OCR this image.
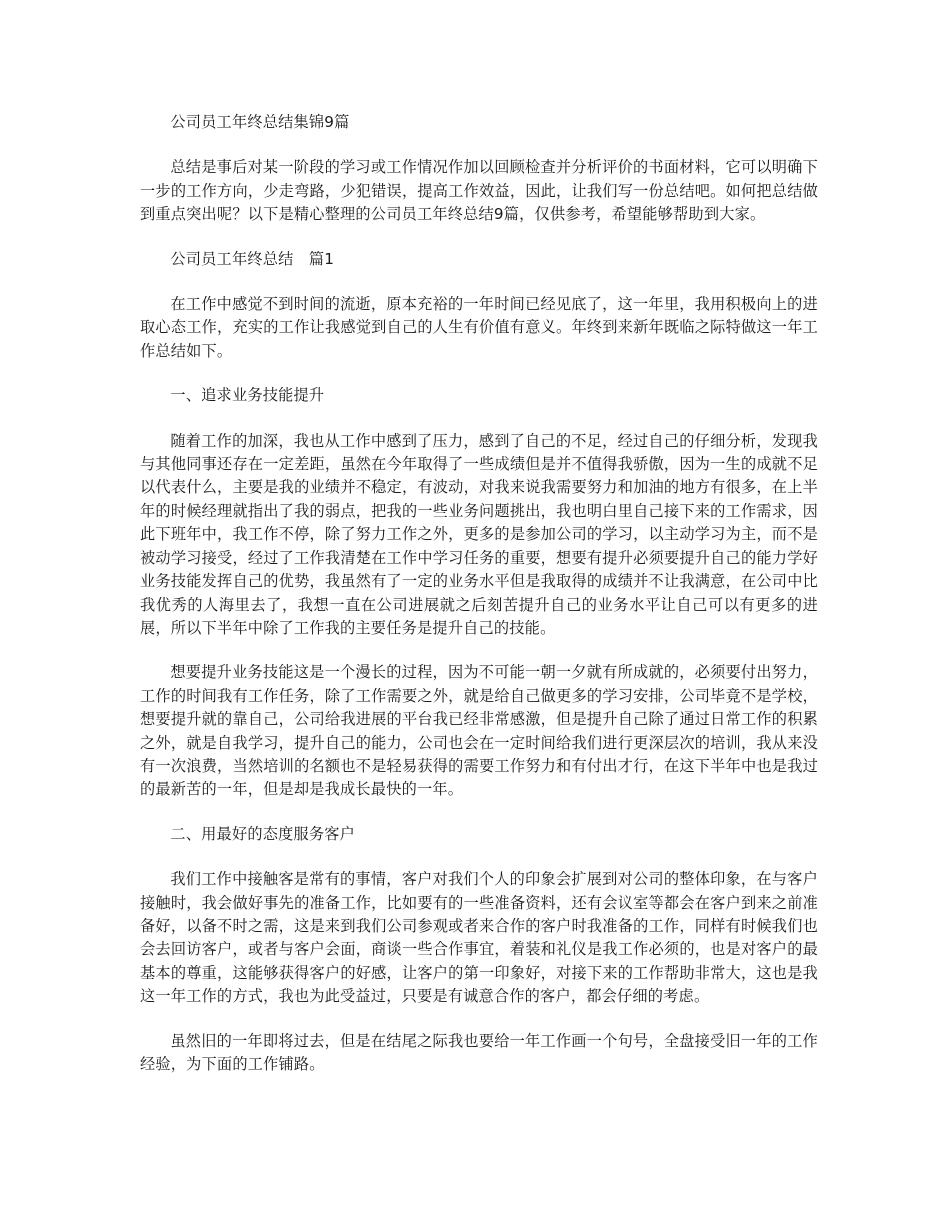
公司员工年终总结集锦9篇

总结是事后对某一阶段的学习或工作情况作加以回顾检查并分析评价的书面材料，它可以明确下一步的工作方向，少走弯路，少犯错误，提高工作效益，因此，让我们写一份总结吧。如何把总结做到重点突出呢？以下是精心整理的公司员工年终总结9篇，仅供参考，希望能够帮助到大家。

公司员工年终总结　篇1

在工作中感觉不到时间的流逝，原本充裕的一年时间已经见底了，这一年里，我用积极向上的进取心态工作，充实的工作让我感觉到自己的人生有价值有意义。年终到来新年既临之际特做这一年工作总结如下。

一、追求业务技能提升

随着工作的加深，我也从工作中感到了压力，感到了自己的不足，经过自己的仔细分析，发现我与其他同事还存在一定差距，虽然在今年取得了一些成绩但是并不值得我骄傲，因为一生的成就不足以代表什么，主要是我的业绩并不稳定，有波动，对我来说我需要努力和加油的地方有很多，在上半年的时候经理就指出了我的弱点，把我的一些业务问题挑出，我也明白里自己接下来的工作需求，因此下班年中，我工作不停，除了努力工作之外，更多的是参加公司的学习，以主动学习为主，而不是被动学习接受，经过了工作我清楚在工作中学习任务的重要，想要有提升必须要提升自己的能力学好业务技能发挥自己的优势，我虽然有了一定的业务水平但是我取得的成绩并不让我满意，在公司中比我优秀的人海里去了，我想一直在公司进展就之后刻苦提升自己的业务水平让自己可以有更多的进展，所以下半年中除了工作我的主要任务是提升自己的技能。

想要提升业务技能这是一个漫长的过程，因为不可能一朝一夕就有所成就的，必须要付出努力，工作的时间我有工作任务，除了工作需要之外，就是给自己做更多的学习安排，公司毕竟不是学校，想要提升就的靠自己，公司给我进展的平台我已经非常感激，但是提升自己除了通过日常工作的积累之外，就是自我学习，提升自己的能力，公司也会在一定时间给我们进行更深层次的培训，我从来没有一次浪费，当然培训的名额也不是轻易获得的需要工作努力和有付出才行，在这下半年中也是我过的最新苦的一年，但是却是我成长最快的一年。

二、用最好的态度服务客户

我们工作中接触客是常有的事情，客户对我们个人的印象会扩展到对公司的整体印象，在与客户接触时，我会做好事先的准备工作，比如要有的一些准备资料，还有会议室等都会在客户到来之前准备好，以备不时之需，这是来到我们公司参观或者来合作的客户时我准备的工作，同样有时候我们也会去回访客户，或者与客户会面，商谈一些合作事宜，着装和礼仪是我工作必须的，也是对客户的最基本的尊重，这能够获得客户的好感，让客户的第一印象好，对接下来的工作帮助非常大，这也是我这一年工作的方式，我也为此受益过，只要是有诚意合作的客户，都会仔细的考虑。

虽然旧的一年即将过去，但是在结尾之际我也要给一年工作画一个句号，全盘接受旧一年的工作经验，为下面的工作铺路。
